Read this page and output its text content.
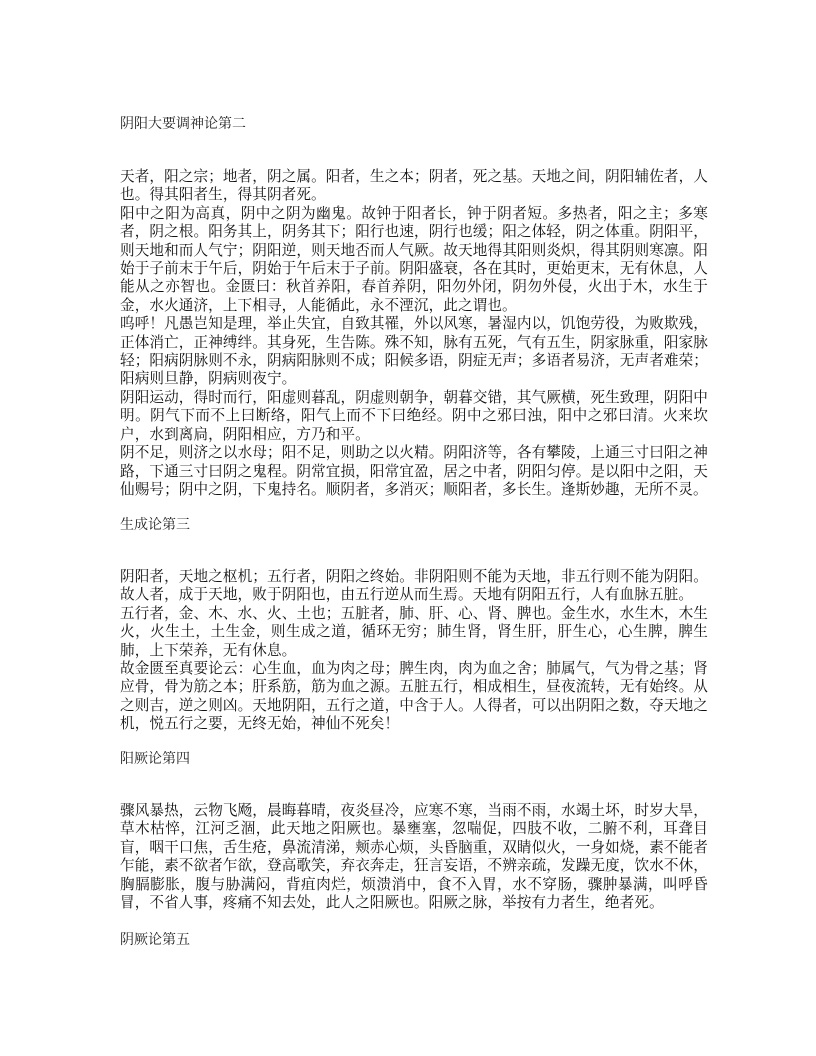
阴阳大要调神论第二

天者，阳之宗；地者，阴之属。阳者，生之本；阴者，死之基。天地之间，阴阳辅佐者，人也。得其阳者生，得其阴者死。

阳中之阳为高真，阴中之阴为幽鬼。故钟于阳者长，钟于阴者短。多热者，阳之主；多寒者，阴之根。阳务其上，阴务其下；阳行也速，阴行也缓；阳之体轻，阴之体重。阴阳平，则天地和而人气宁；阴阳逆，则天地否而人气厥。故天地得其阳则炎炽，得其阴则寒凛。阳始于子前末于午后，阴始于午后末于子前。阴阳盛衰，各在其时，更始更末，无有休息，人能从之亦智也。金匮曰：秋首养阳，春首养阴，阳勿外闭，阴勿外侵，火出于木，水生于金，水火通济，上下相寻，人能循此，永不湮沉，此之谓也。

呜呼！凡愚岂知是理，举止失宜，自致其罹，外以风寒，暑湿内以，饥饱劳役，为败欺残，正体消亡，正神缚绊。其身死，生告陈。殊不知，脉有五死，气有五生，阴家脉重，阳家脉轻；阳病阴脉则不永，阴病阳脉则不成；阳候多语，阴症无声；多语者易济，无声者难荣；阳病则旦静，阴病则夜宁。

阴阳运动，得时而行，阳虚则暮乱，阴虚则朝争，朝暮交错，其气厥横，死生致理，阴阳中明。阴气下而不上曰断络，阳气上而不下曰绝经。阴中之邪曰浊，阳中之邪曰清。火来坎户，水到离扃，阴阳相应，方乃和平。

阴不足，则济之以水母；阳不足，则助之以火精。阴阳济等，各有攀陵，上通三寸曰阳之神路，下通三寸曰阴之鬼程。阴常宜损，阳常宜盈，居之中者，阴阳匀停。是以阳中之阳，天仙赐号；阴中之阴，下鬼持名。顺阴者，多消灭；顺阳者，多长生。逢斯妙趣，无所不灵。

生成论第三

阴阳者，天地之枢机；五行者，阴阳之终始。非阴阳则不能为天地，非五行则不能为阴阳。故人者，成于天地，败于阴阳也，由五行逆从而生焉。天地有阴阳五行，人有血脉五脏。

五行者，金、木、水、火、土也；五脏者，肺、肝、心、肾、脾也。金生水，水生木，木生火，火生土，土生金，则生成之道，循环无穷；肺生肾，肾生肝，肝生心，心生脾，脾生肺，上下荣养，无有休息。

故金匮至真要论云：心生血，血为肉之母；脾生肉，肉为血之舍；肺属气，气为骨之基；肾应骨，骨为筋之本；肝系筋，筋为血之源。五脏五行，相成相生，昼夜流转，无有始终。从之则吉，逆之则凶。天地阴阳，五行之道，中含于人。人得者，可以出阴阳之数，夺天地之机，悦五行之要，无终无始，神仙不死矣！

阳厥论第四

骤风暴热，云物飞飏，晨晦暮晴，夜炎昼冷，应寒不寒，当雨不雨，水竭土坏，时岁大旱，草木枯悴，江河乏涸，此天地之阳厥也。暴壅塞，忽喘促，四肢不收，二腑不利，耳聋目盲，咽干口焦，舌生疮，鼻流清涕，颊赤心烦，头昏脑重，双睛似火，一身如烧，素不能者乍能，素不欲者乍欲，登高歌笑，弃衣奔走，狂言妄语，不辨亲疏，发躁无度，饮水不休，胸膈膨胀，腹与胁满闷，背疽肉烂，烦溃消中，食不入胃，水不穿肠，骤肿暴满，叫呼昏冒，不省人事，疼痛不知去处，此人之阳厥也。阳厥之脉，举按有力者生，绝者死。

阴厥论第五
